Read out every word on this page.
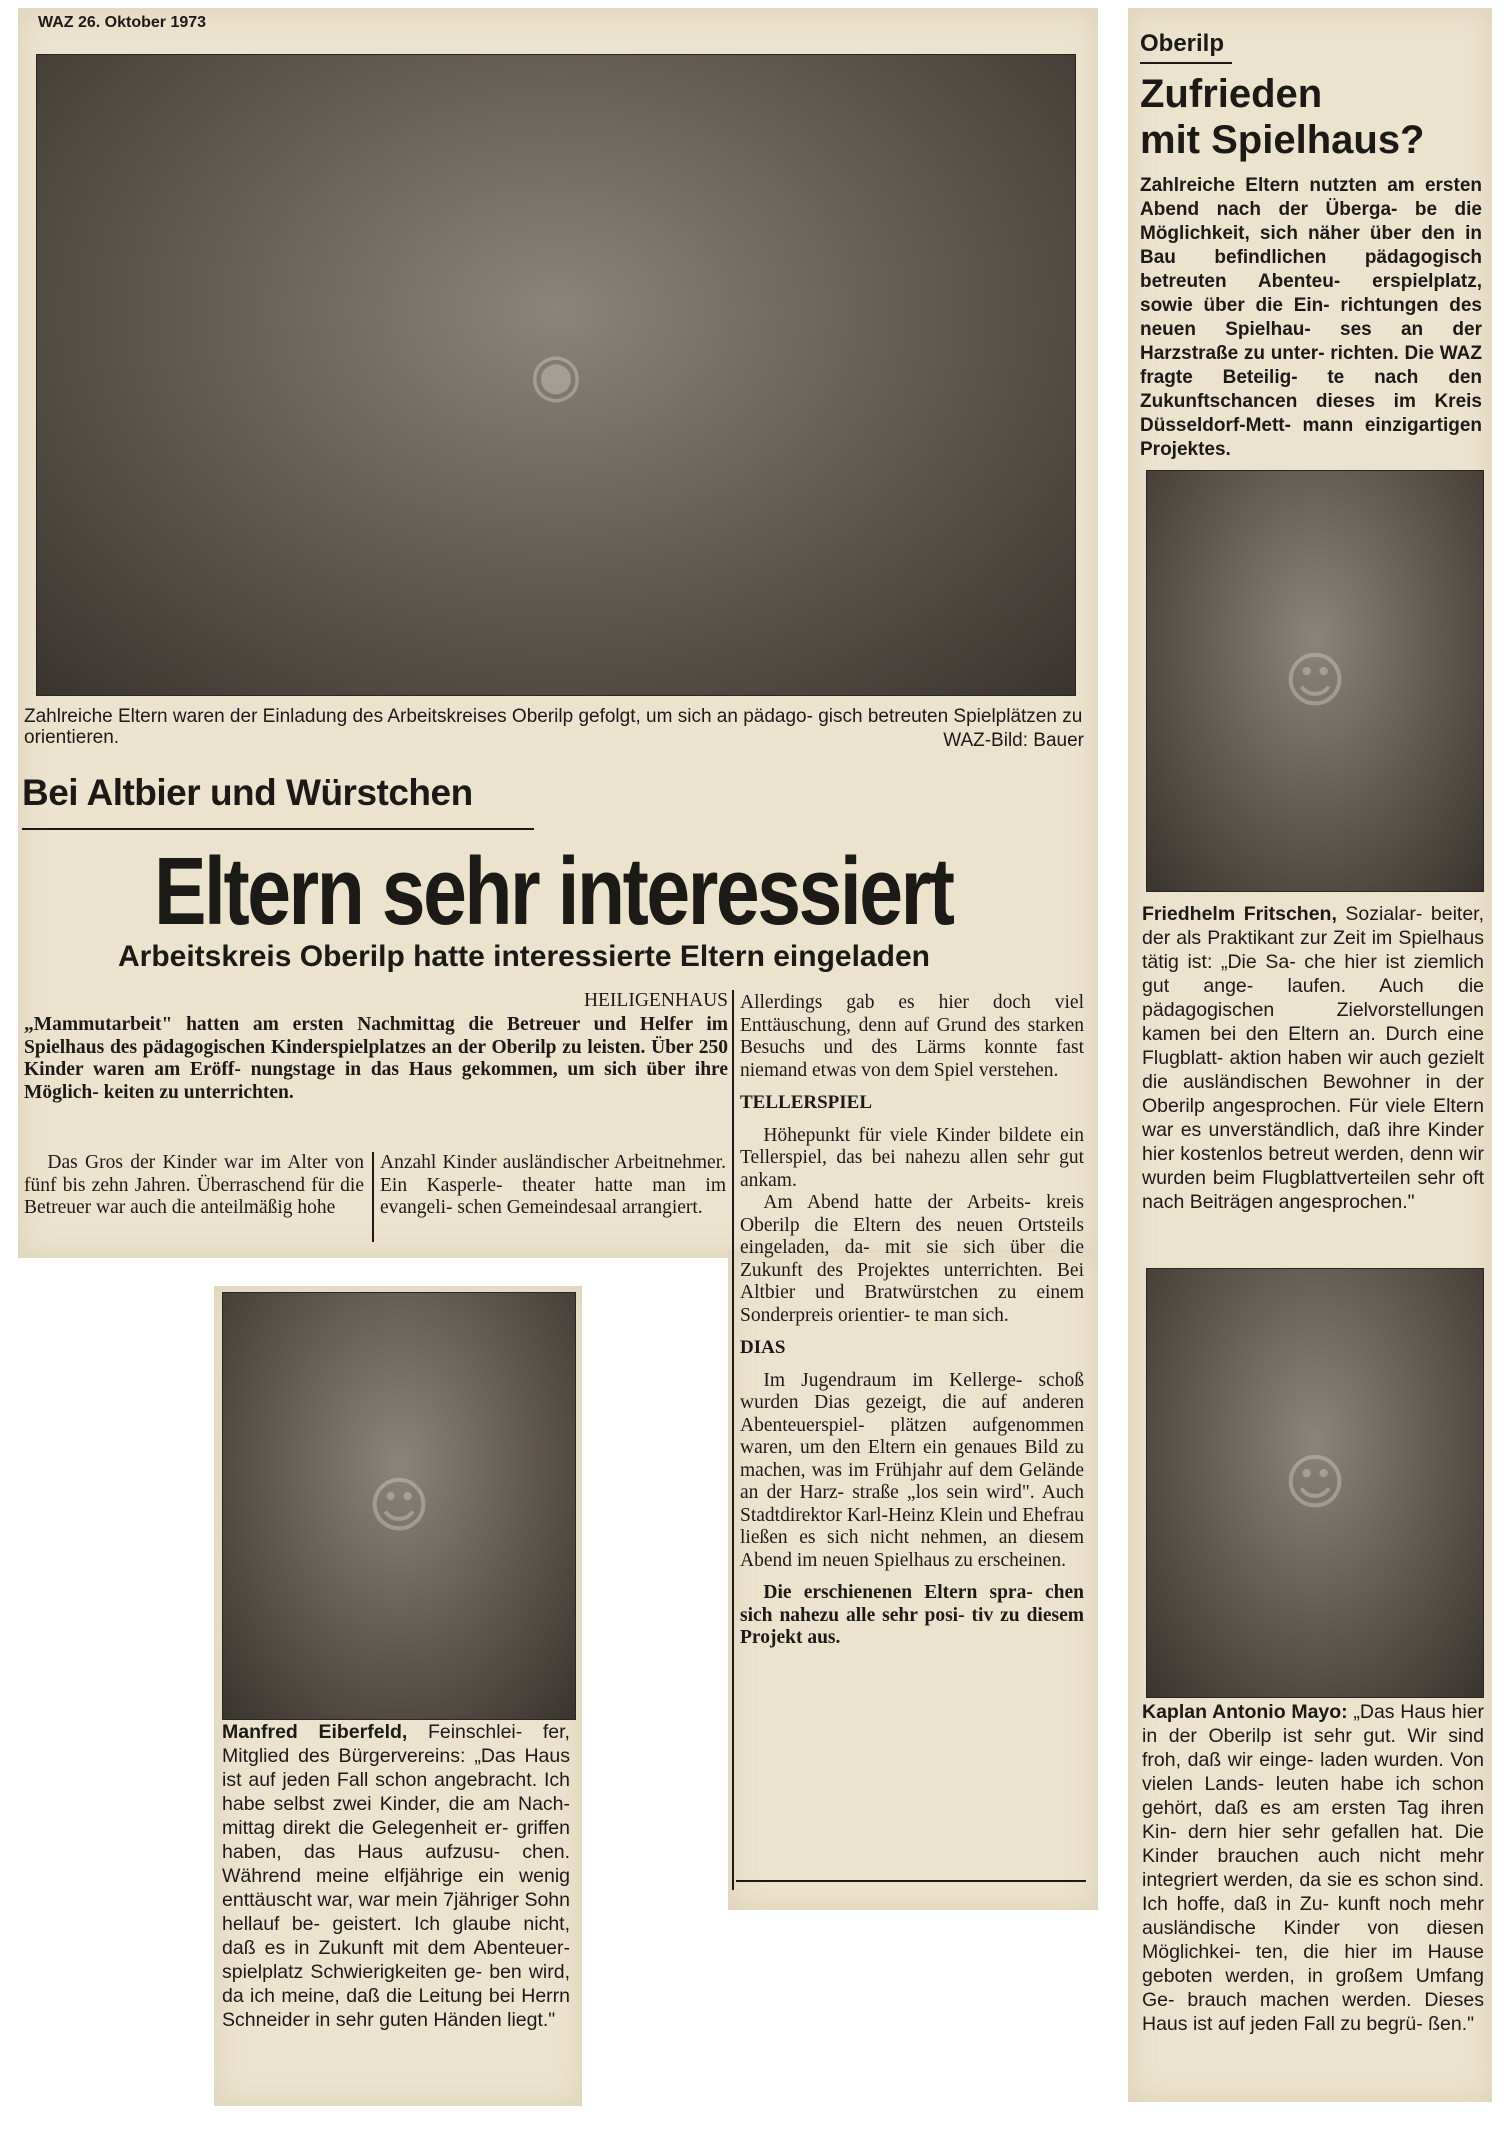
WAZ 26. Oktober 1973
◉
Zahlreiche Eltern waren der Einladung des Arbeitskreises Oberilp gefolgt, um sich an pädago- gisch betreuten Spielplätzen zu orientieren.	WAZ-Bild: Bauer
Bei Altbier und Würstchen
Eltern sehr interessiert
Arbeitskreis Oberilp hatte interessierte Eltern eingeladen
HEILIGENHAUS
„Mammutarbeit" hatten am ersten Nachmittag die Betreuer und Helfer im Spielhaus des pädagogischen Kinderspielplatzes an der Oberilp zu leisten. Über 250 Kinder waren am Eröff- nungstage in das Haus gekommen, um sich über ihre Möglich- keiten zu unterrichten.
Das Gros der Kinder war im Alter von fünf bis zehn Jahren. Überraschend für die Betreuer war auch die anteilmäßig hohe
Anzahl Kinder ausländischer Arbeitnehmer. Ein Kasperle- theater hatte man im evangeli- schen Gemeindesaal arrangiert.

Allerdings gab es hier doch viel Enttäuschung, denn auf Grund des starken Besuchs und des Lärms konnte fast niemand etwas von dem Spiel verstehen.

TELLERSPIEL

Höhepunkt für viele Kinder bildete ein Tellerspiel, das bei nahezu allen sehr gut ankam.

Am Abend hatte der Arbeits- kreis Oberilp die Eltern des neuen Ortsteils eingeladen, da- mit sie sich über die Zukunft des Projektes unterrichten. Bei Altbier und Bratwürstchen zu einem Sonderpreis orientier- te man sich.

DIAS

Im Jugendraum im Kellerge- schoß wurden Dias gezeigt, die auf anderen Abenteuerspiel- plätzen aufgenommen waren, um den Eltern ein genaues Bild zu machen, was im Frühjahr auf dem Gelände an der Harz- straße „los sein wird". Auch Stadtdirektor Karl-Heinz Klein und Ehefrau ließen es sich nicht nehmen, an diesem Abend im neuen Spielhaus zu erscheinen.

Die erschienenen Eltern spra- chen sich nahezu alle sehr posi- tiv zu diesem Projekt aus.

☺
Manfred Eiberfeld, Feinschlei- fer, Mitglied des Bürgervereins: „Das Haus ist auf jeden Fall schon angebracht. Ich habe selbst zwei Kinder, die am Nach- mittag direkt die Gelegenheit er- griffen haben, das Haus aufzusu- chen. Während meine elfjährige ein wenig enttäuscht war, war mein 7jähriger Sohn hellauf be- geistert. Ich glaube nicht, daß es in Zukunft mit dem Abenteuer- spielplatz Schwierigkeiten ge- ben wird, da ich meine, daß die Leitung bei Herrn Schneider in sehr guten Händen liegt."
Oberilp
Zufrieden
mit Spielhaus?
Zahlreiche Eltern nutzten am ersten Abend nach der Überga- be die Möglichkeit, sich näher über den in Bau befindlichen pädagogisch betreuten Abenteu- erspielplatz, sowie über die Ein- richtungen des neuen Spielhau- ses an der Harzstraße zu unter- richten. Die WAZ fragte Beteilig- te nach den Zukunftschancen dieses im Kreis Düsseldorf-Mett- mann einzigartigen Projektes.
☺
Friedhelm Fritschen, Sozialar- beiter, der als Praktikant zur Zeit im Spielhaus tätig ist: „Die Sa- che hier ist ziemlich gut ange- laufen. Auch die pädagogischen Zielvorstellungen kamen bei den Eltern an. Durch eine Flugblatt- aktion haben wir auch gezielt die ausländischen Bewohner in der Oberilp angesprochen. Für viele Eltern war es unverständlich, daß ihre Kinder hier kostenlos betreut werden, denn wir wurden beim Flugblattverteilen sehr oft nach Beiträgen angesprochen."
☺
Kaplan Antonio Mayo: „Das Haus hier in der Oberilp ist sehr gut. Wir sind froh, daß wir einge- laden wurden. Von vielen Lands- leuten habe ich schon gehört, daß es am ersten Tag ihren Kin- dern hier sehr gefallen hat. Die Kinder brauchen auch nicht mehr integriert werden, da sie es schon sind. Ich hoffe, daß in Zu- kunft noch mehr ausländische Kinder von diesen Möglichkei- ten, die hier im Hause geboten werden, in großem Umfang Ge- brauch machen werden. Dieses Haus ist auf jeden Fall zu begrü- ßen."
